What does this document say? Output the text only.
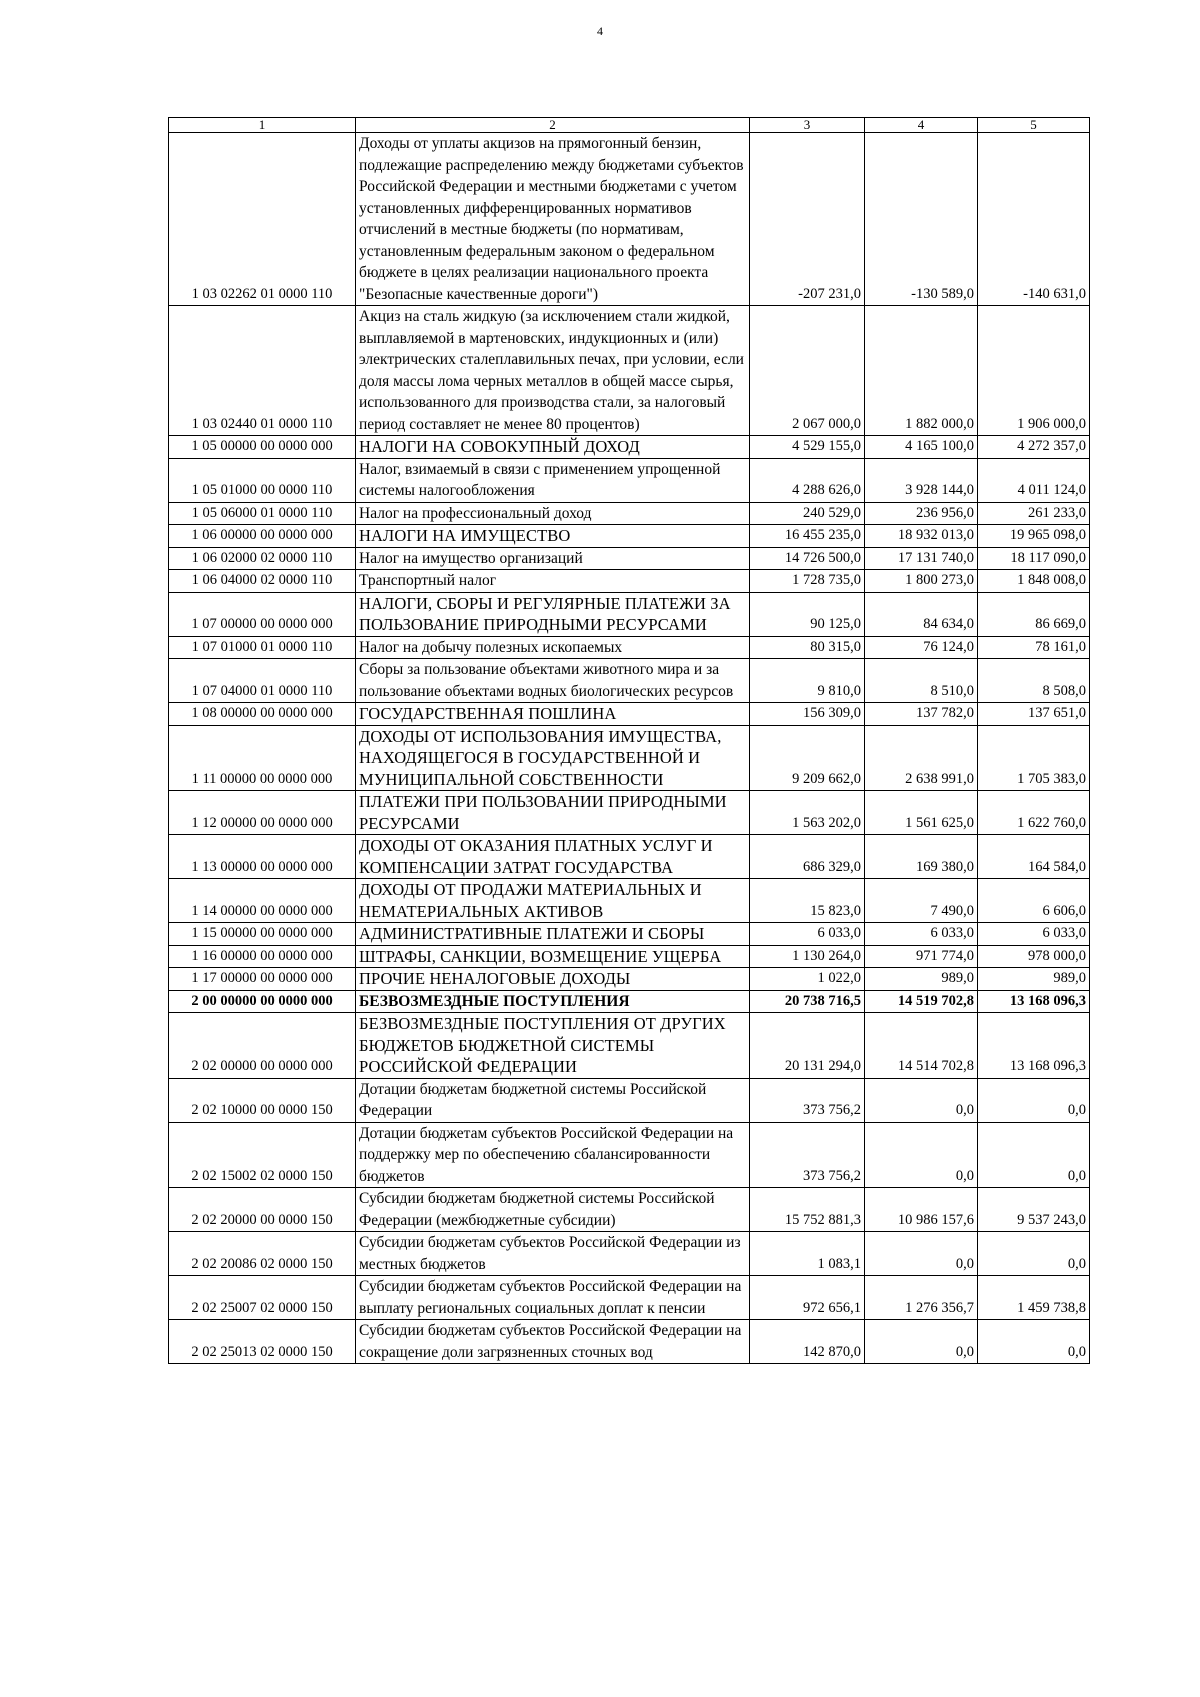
4
1	2	3	4	5
1 03 02262 01 0000 110	Доходы от уплаты акцизов на прямогонный бензин, подлежащие распределению между бюджетами субъектов Российской Федерации и местными бюджетами с учетом установленных дифференцированных нормативов отчислений в местные бюджеты (по нормативам, установленным федеральным законом о федеральном бюджете в целях реализации национального проекта "Безопасные качественные дороги")	-207 231,0	-130 589,0	-140 631,0
1 03 02440 01 0000 110	Акциз на сталь жидкую (за исключением стали жидкой, выплавляемой в мартеновских, индукционных и (или) электрических сталеплавильных печах, при условии, если доля массы лома черных металлов в общей массе сырья, использованного для производства стали, за налоговый период составляет не менее 80 процентов)	2 067 000,0	1 882 000,0	1 906 000,0
1 05 00000 00 0000 000	НАЛОГИ НА СОВОКУПНЫЙ ДОХОД	4 529 155,0	4 165 100,0	4 272 357,0
1 05 01000 00 0000 110	Налог, взимаемый в связи с применением упрощенной системы налогообложения	4 288 626,0	3 928 144,0	4 011 124,0
1 05 06000 01 0000 110	Налог на профессиональный доход	240 529,0	236 956,0	261 233,0
1 06 00000 00 0000 000	НАЛОГИ НА ИМУЩЕСТВО	16 455 235,0	18 932 013,0	19 965 098,0
1 06 02000 02 0000 110	Налог на имущество организаций	14 726 500,0	17 131 740,0	18 117 090,0
1 06 04000 02 0000 110	Транспортный налог	1 728 735,0	1 800 273,0	1 848 008,0
1 07 00000 00 0000 000	НАЛОГИ, СБОРЫ И РЕГУЛЯРНЫЕ ПЛАТЕЖИ ЗА ПОЛЬЗОВАНИЕ ПРИРОДНЫМИ РЕСУРСАМИ	90 125,0	84 634,0	86 669,0
1 07 01000 01 0000 110	Налог на добычу полезных ископаемых	80 315,0	76 124,0	78 161,0
1 07 04000 01 0000 110	Сборы за пользование объектами животного мира и за пользование объектами водных биологических ресурсов	9 810,0	8 510,0	8 508,0
1 08 00000 00 0000 000	ГОСУДАРСТВЕННАЯ ПОШЛИНА	156 309,0	137 782,0	137 651,0
1 11 00000 00 0000 000	ДОХОДЫ ОТ ИСПОЛЬЗОВАНИЯ ИМУЩЕСТВА, НАХОДЯЩЕГОСЯ В ГОСУДАРСТВЕННОЙ И МУНИЦИПАЛЬНОЙ СОБСТВЕННОСТИ	9 209 662,0	2 638 991,0	1 705 383,0
1 12 00000 00 0000 000	ПЛАТЕЖИ ПРИ ПОЛЬЗОВАНИИ ПРИРОДНЫМИ РЕСУРСАМИ	1 563 202,0	1 561 625,0	1 622 760,0
1 13 00000 00 0000 000	ДОХОДЫ ОТ ОКАЗАНИЯ ПЛАТНЫХ УСЛУГ И КОМПЕНСАЦИИ ЗАТРАТ ГОСУДАРСТВА	686 329,0	169 380,0	164 584,0
1 14 00000 00 0000 000	ДОХОДЫ ОТ ПРОДАЖИ МАТЕРИАЛЬНЫХ И НЕМАТЕРИАЛЬНЫХ АКТИВОВ	15 823,0	7 490,0	6 606,0
1 15 00000 00 0000 000	АДМИНИСТРАТИВНЫЕ ПЛАТЕЖИ И СБОРЫ	6 033,0	6 033,0	6 033,0
1 16 00000 00 0000 000	ШТРАФЫ, САНКЦИИ, ВОЗМЕЩЕНИЕ УЩЕРБА	1 130 264,0	971 774,0	978 000,0
1 17 00000 00 0000 000	ПРОЧИЕ НЕНАЛОГОВЫЕ ДОХОДЫ	1 022,0	989,0	989,0
2 00 00000 00 0000 000	БЕЗВОЗМЕЗДНЫЕ ПОСТУПЛЕНИЯ	20 738 716,5	14 519 702,8	13 168 096,3
2 02 00000 00 0000 000	БЕЗВОЗМЕЗДНЫЕ ПОСТУПЛЕНИЯ ОТ ДРУГИХ БЮДЖЕТОВ БЮДЖЕТНОЙ СИСТЕМЫ РОССИЙСКОЙ ФЕДЕРАЦИИ	20 131 294,0	14 514 702,8	13 168 096,3
2 02 10000 00 0000 150	Дотации бюджетам бюджетной системы Российской Федерации	373 756,2	0,0	0,0
2 02 15002 02 0000 150	Дотации бюджетам субъектов Российской Федерации на поддержку мер по обеспечению сбалансированности бюджетов	373 756,2	0,0	0,0
2 02 20000 00 0000 150	Субсидии бюджетам бюджетной системы Российской Федерации (межбюджетные субсидии)	15 752 881,3	10 986 157,6	9 537 243,0
2 02 20086 02 0000 150	Субсидии бюджетам субъектов Российской Федерации из местных бюджетов	1 083,1	0,0	0,0
2 02 25007 02 0000 150	Субсидии бюджетам субъектов Российской Федерации на выплату региональных социальных доплат к пенсии	972 656,1	1 276 356,7	1 459 738,8
2 02 25013 02 0000 150	Субсидии бюджетам субъектов Российской Федерации на сокращение доли загрязненных сточных вод	142 870,0	0,0	0,0
